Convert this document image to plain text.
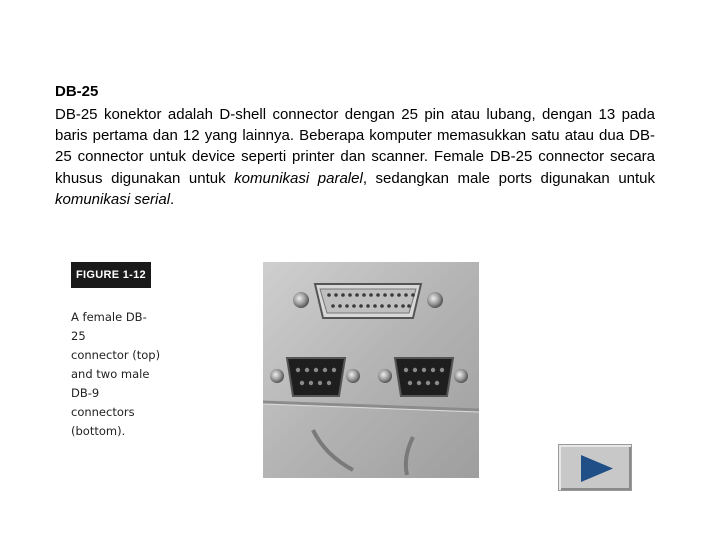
DB-25
DB-25 konektor adalah D-shell connector dengan 25 pin atau lubang, dengan 13 pada baris pertama dan 12 yang lainnya. Beberapa komputer memasukkan satu atau dua DB-25 connector untuk device seperti printer dan scanner. Female DB-25 connector secara khusus digunakan untuk komunikasi paralel, sedangkan male ports digunakan untuk komunikasi serial.
FIGURE 1-12
A female DB-25
connector (top)
and two male
DB-9 connectors
(bottom).
